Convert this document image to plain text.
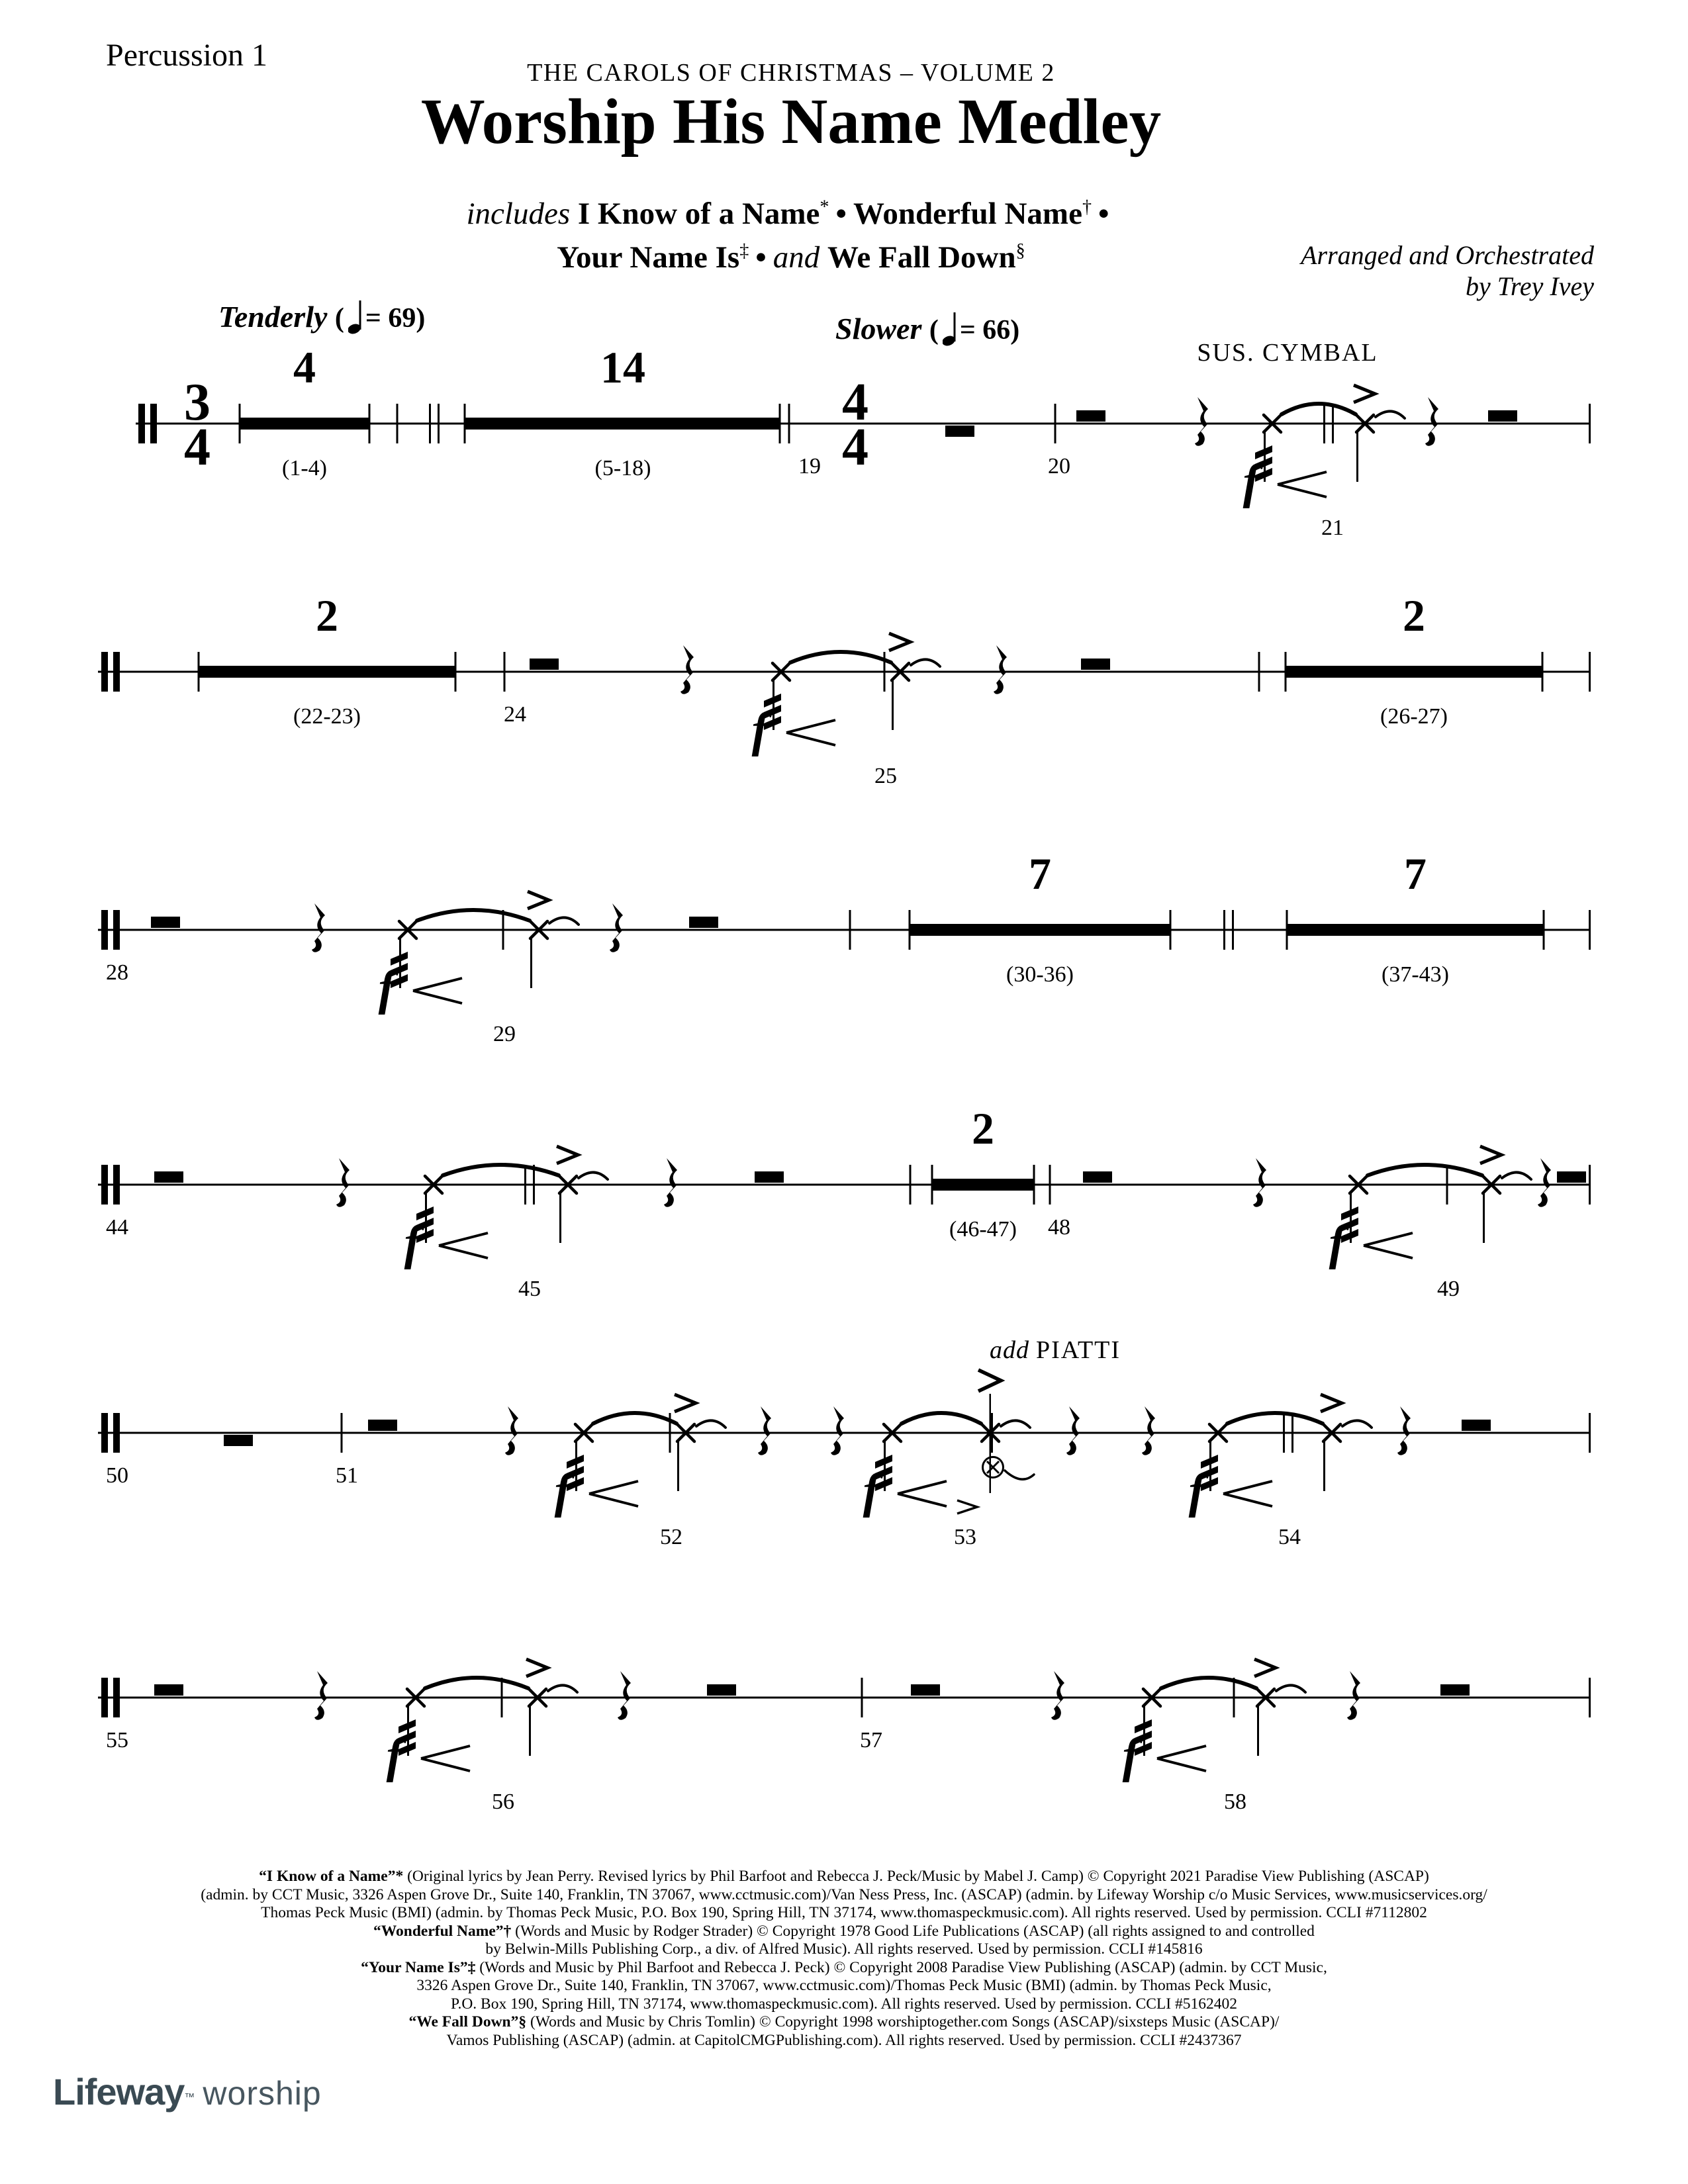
Percussion 1	THE CAROLS OF CHRISTMAS – VOLUME 2
Worship His Name Medley
includes I Know of a Name* • Wonderful Name† •
Your Name Is‡ • and We Fall Down§	Arranged and Orchestrated
by Trey Ivey
Tenderly ( = 69)	Slower ( = 66)
3
4
4
(1-4)
14
(5-18)	19
4
4	20
SUS. CYMBAL
f
21
2
(22-23)	24	f
25
2
(26-27)
28	f
29
7
(30-36)
7
(37-43)
44	f
45
2
(46-47) 48	f
49
50	51	f
52
f
53
add PIATTI
f
54
55	f
56
57	f
58
“I Know of a Name”* (Original lyrics by Jean Perry. Revised lyrics by Phil Barfoot and Rebecca J. Peck/Music by Mabel J. Camp) © Copyright 2021 Paradise View Publishing (ASCAP)
(admin. by CCT Music, 3326 Aspen Grove Dr., Suite 140, Franklin, TN 37067, www.cctmusic.com)/Van Ness Press, Inc. (ASCAP) (admin. by Lifeway Worship c/o Music Services, www.musicservices.org/
Thomas Peck Music (BMI) (admin. by Thomas Peck Music, P.O. Box 190, Spring Hill, TN 37174, www.thomaspeckmusic.com). All rights reserved. Used by permission. CCLI #7112802
“Wonderful Name”† (Words and Music by Rodger Strader) © Copyright 1978 Good Life Publications (ASCAP) (all rights assigned to and controlled
by Belwin-Mills Publishing Corp., a div. of Alfred Music). All rights reserved. Used by permission. CCLI #145816
“Your Name Is”‡ (Words and Music by Phil Barfoot and Rebecca J. Peck) © Copyright 2008 Paradise View Publishing (ASCAP) (admin. by CCT Music,
3326 Aspen Grove Dr., Suite 140, Franklin, TN 37067, www.cctmusic.com)/Thomas Peck Music (BMI) (admin. by Thomas Peck Music,
P.O. Box 190, Spring Hill, TN 37174, www.thomaspeckmusic.com). All rights reserved. Used by permission. CCLI #5162402
“We Fall Down”§ (Words and Music by Chris Tomlin) © Copyright 1998 worshiptogether.com Songs (ASCAP)/sixsteps Music (ASCAP)/
Vamos Publishing (ASCAP) (admin. at CapitolCMGPublishing.com). All rights reserved. Used by permission. CCLI #2437367
Lifeway™ worship
